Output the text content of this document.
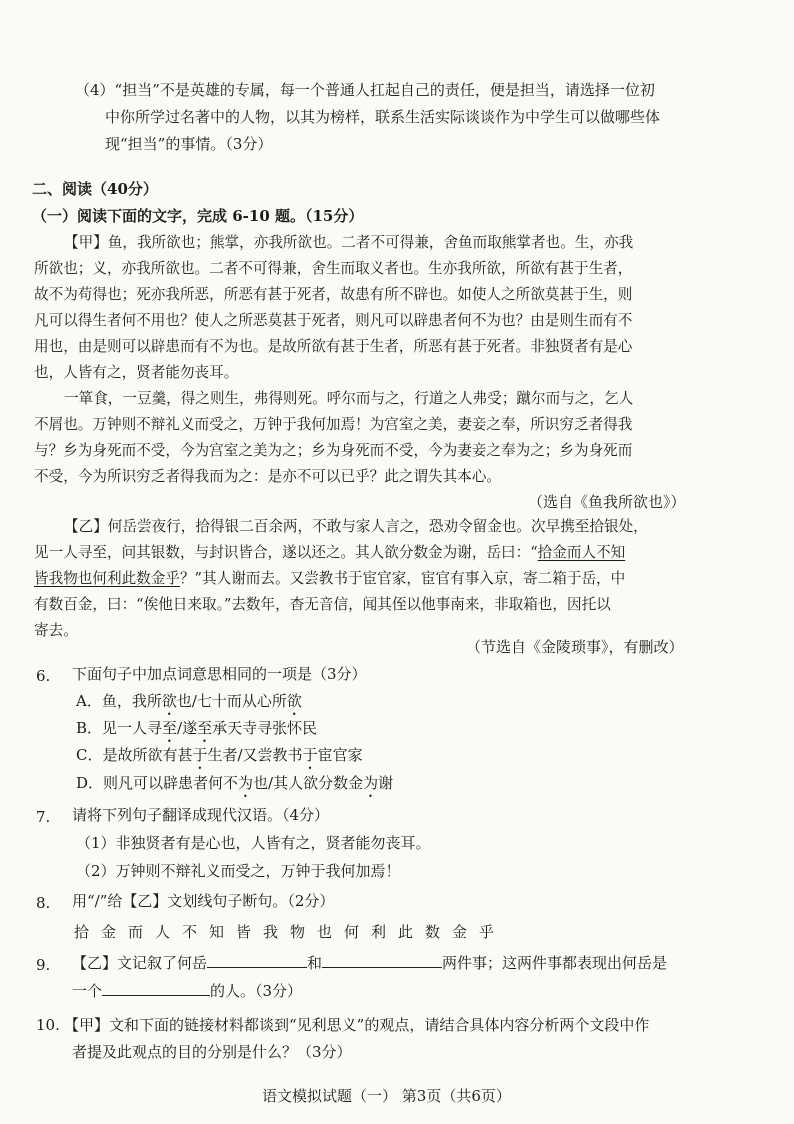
（4）“担当”不是英雄的专属，每一个普通人扛起自己的责任，便是担当，请选择一位初
中你所学过名著中的人物，以其为榜样，联系生活实际谈谈作为中学生可以做哪些体
现“担当”的事情。（3分）
二、阅读（40分）
（一）阅读下面的文字，完成 6-10 题。（15分）
【甲】鱼，我所欲也；熊掌，亦我所欲也。二者不可得兼，舍鱼而取熊掌者也。生，亦我
所欲也；义，亦我所欲也。二者不可得兼，舍生而取义者也。生亦我所欲，所欲有甚于生者，
故不为苟得也；死亦我所恶，所恶有甚于死者，故患有所不辟也。如使人之所欲莫甚于生，则
凡可以得生者何不用也？使人之所恶莫甚于死者，则凡可以辟患者何不为也？由是则生而有不
用也，由是则可以辟患而有不为也。是故所欲有甚于生者，所恶有甚于死者。非独贤者有是心
也，人皆有之，贤者能勿丧耳。
一箪食，一豆羹，得之则生，弗得则死。呼尔而与之，行道之人弗受；蹴尔而与之，乞人
不屑也。万钟则不辩礼义而受之，万钟于我何加焉！为宫室之美，妻妾之奉，所识穷乏者得我
与？乡为身死而不受，今为宫室之美为之；乡为身死而不受，今为妻妾之奉为之；乡为身死而
不受，今为所识穷乏者得我而为之：是亦不可以已乎？此之谓失其本心。
（选自《鱼我所欲也》）
【乙】何岳尝夜行，拾得银二百余两，不敢与家人言之，恐劝令留金也。次早携至拾银处，
见一人寻至，问其银数，与封识皆合，遂以还之。其人欲分数金为谢，岳曰：“拾金而人不知
皆我物也何利此数金乎？”其人谢而去。又尝教书于宦官家，宦官有事入京，寄二箱于岳，中
有数百金，曰：“俟他日来取。”去数年，杳无音信，闻其侄以他事南来，非取箱也，因托以
寄去。
（节选自《金陵琐事》，有删改）
6. 下面句子中加点词意思相同的一项是（3分）
A．鱼，我所欲也/七十而从心所欲
B．见一人寻至/遂至承天寺寻张怀民
C．是故所欲有甚于生者/又尝教书于宦官家
D．则凡可以辟患者何不为也/其人欲分数金为谢
7. 请将下列句子翻译成现代汉语。（4分）
（1）非独贤者有是心也，人皆有之，贤者能勿丧耳。
（2）万钟则不辩礼义而受之，万钟于我何加焉！
8. 用“/”给【乙】文划线句子断句。（2分）
拾金而人不知皆我物也何利此数金乎
9. 【乙】文记叙了何岳	和	两件事；这两件事都表现出何岳是
一个	的人。（3分）
10. 【甲】文和下面的链接材料都谈到“见利思义”的观点，请结合具体内容分析两个文段中作
者提及此观点的目的分别是什么？（3分）
语文模拟试题（一） 第3页（共6页）
